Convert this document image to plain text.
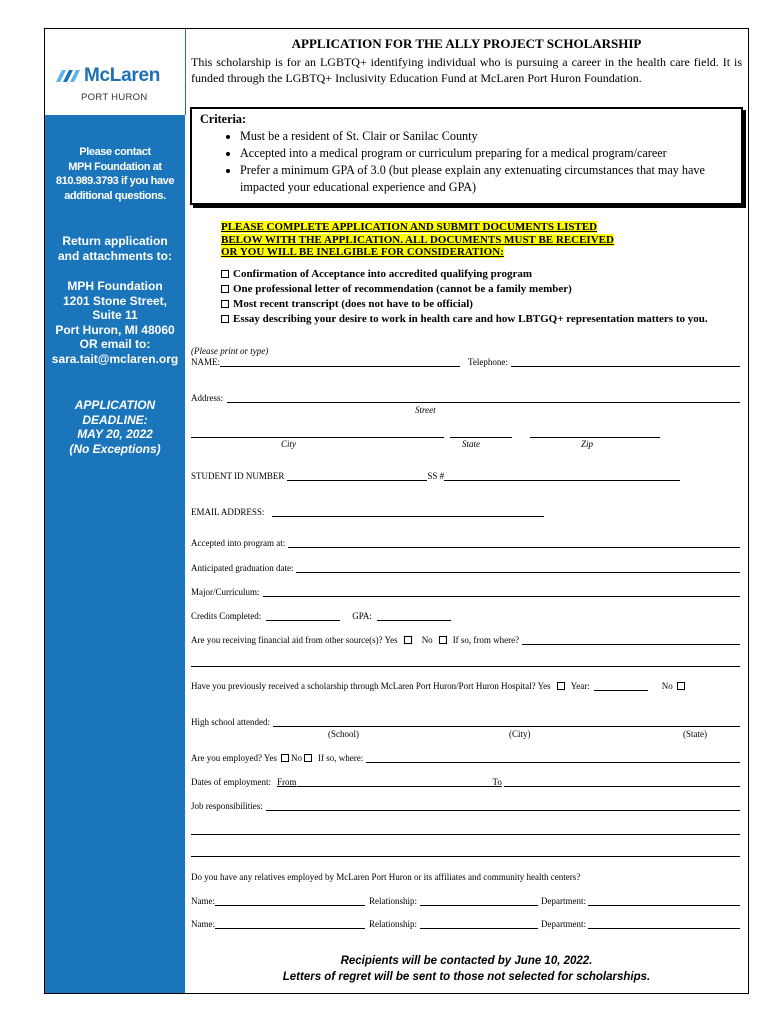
McLaren
PORT HURON
Please contact
MPH Foundation at
810.989.3793 if you have
additional questions.
Return application
and attachments to:
MPH Foundation
1201 Stone Street,
Suite 11
Port Huron, MI 48060
OR email to:
sara.tait@mclaren.org
APPLICATION
DEADLINE:
MAY 20, 2022
(No Exceptions)
APPLICATION FOR THE ALLY PROJECT SCHOLARSHIP
This scholarship is for an LGBTQ+ identifying individual who is pursuing a career in the health care field. It is funded through the LGBTQ+ Inclusivity Education Fund at McLaren Port Huron Foundation.
Criteria:
• Must be a resident of St. Clair or Sanilac County
• Accepted into a medical program or curriculum preparing for a medical program/career
• Prefer a minimum GPA of 3.0 (but please explain any extenuating circumstances that may have impacted your educational experience and GPA)
PLEASE COMPLETE APPLICATION AND SUBMIT DOCUMENTS LISTED
BELOW WITH THE APPLICATION. ALL DOCUMENTS MUST BE RECEIVED
OR YOU WILL BE INELGIBLE FOR CONSIDERATION:
Confirmation of Acceptance into accredited qualifying program
One professional letter of recommendation (cannot be a family member)
Most recent transcript (does not have to be official)
Essay describing your desire to work in health care and how LBTGQ+ representation matters to you.
(Please print or type)
NAME:	Telephone:
Address:
Street
City	State	Zip
STUDENT ID NUMBER	SS #
EMAIL ADDRESS:
Accepted into program at:
Anticipated graduation date:
Major/Curriculum:
Credits Completed:	GPA:
Are you receiving financial aid from other source(s)? Yes	No If so, from where?
Have you previously received a scholarship through McLaren Port Huron/Port Huron Hospital? Yes Year:	No
High school attended:
(School)	(City)	(State)
Are you employed? Yes No If so, where:
Dates of employment: From	To
Job responsibilities:
Do you have any relatives employed by McLaren Port Huron or its affiliates and community health centers?
Name:	Relationship:	Department:
Name:	Relationship:	Department:
Recipients will be contacted by June 10, 2022.
Letters of regret will be sent to those not selected for scholarships.
